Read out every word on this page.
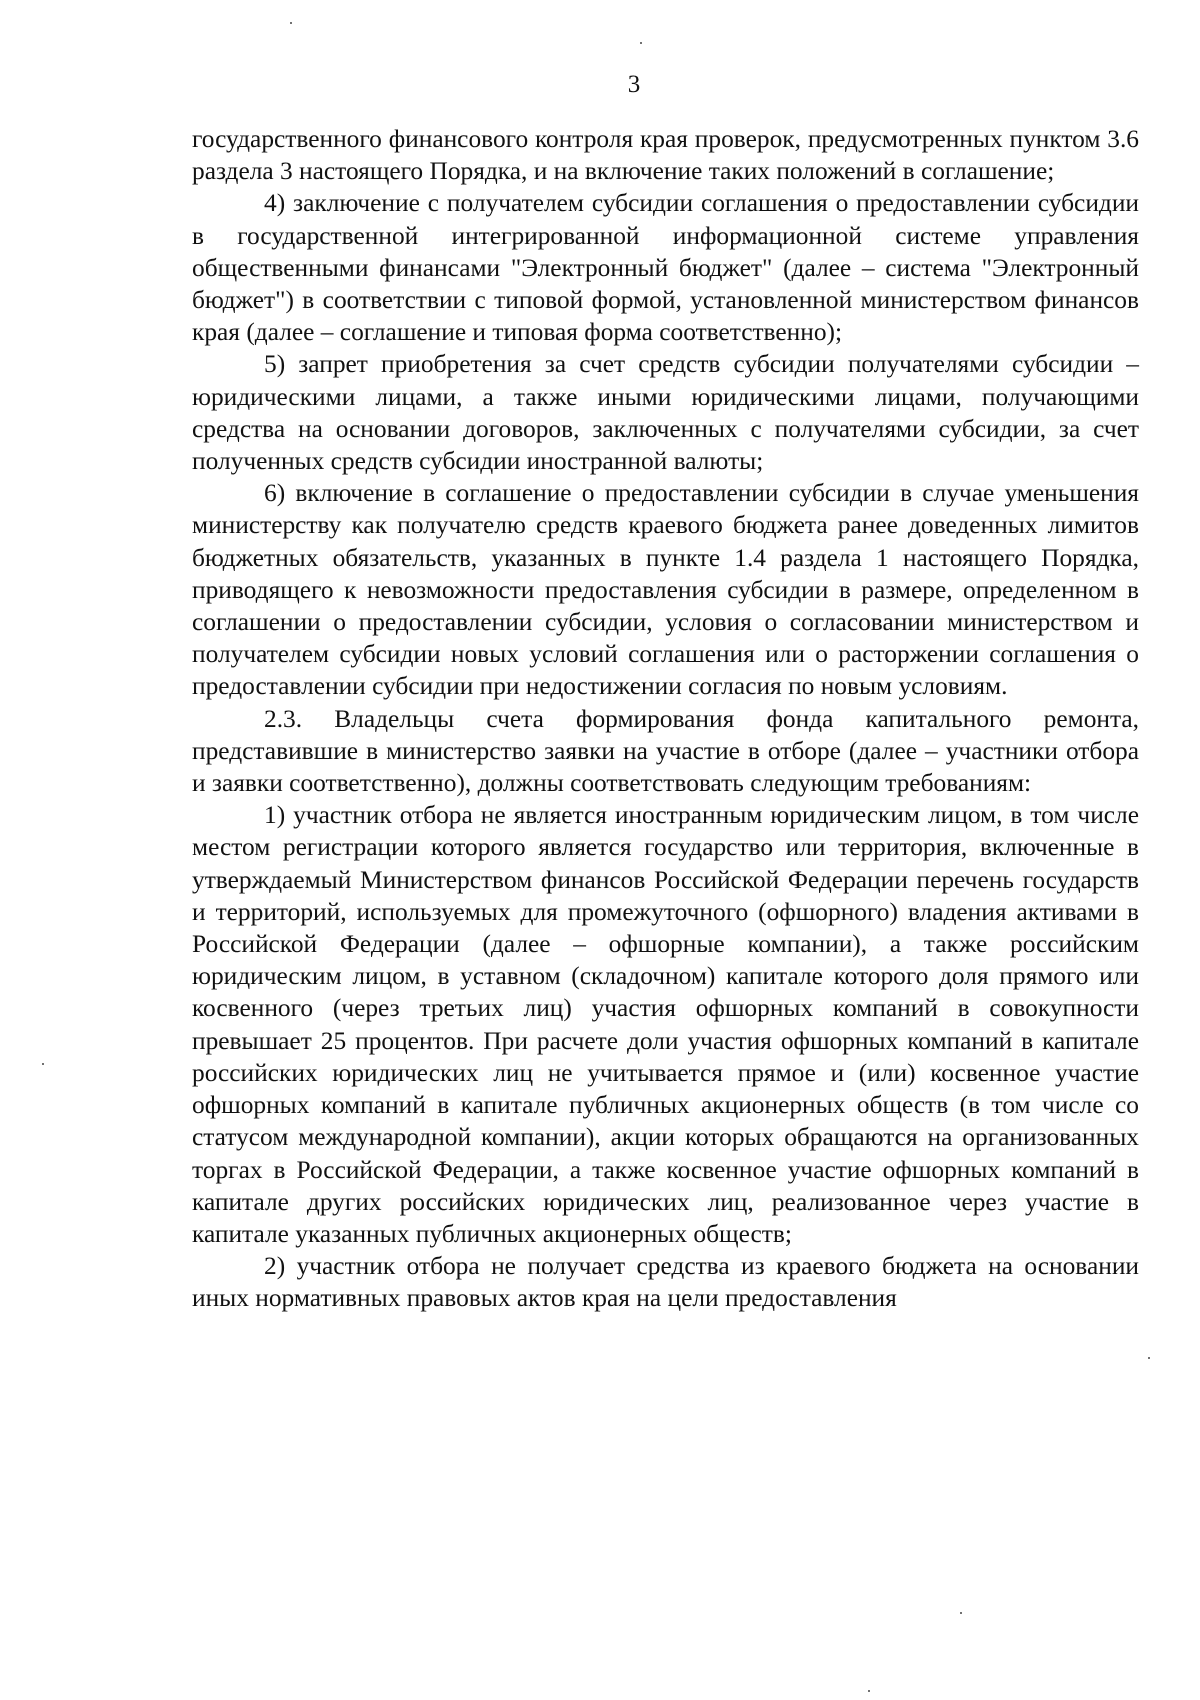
3

государственного финансового контроля края проверок, предусмотренных пунктом 3.6 раздела 3 настоящего Порядка, и на включение таких положений в соглашение;

4) заключение с получателем субсидии соглашения о предоставлении субсидии в государственной интегрированной информационной системе управления общественными финансами "Электронный бюджет" (далее – система "Электронный бюджет") в соответствии с типовой формой, установленной министерством финансов края (далее – соглашение и типовая форма соответственно);

5) запрет приобретения за счет средств субсидии получателями субсидии – юридическими лицами, а также иными юридическими лицами, получающими средства на основании договоров, заключенных с получателями субсидии, за счет полученных средств субсидии иностранной валюты;

6) включение в соглашение о предоставлении субсидии в случае уменьшения министерству как получателю средств краевого бюджета ранее доведенных лимитов бюджетных обязательств, указанных в пункте 1.4 раздела 1 настоящего Порядка, приводящего к невозможности предоставления субсидии в размере, определенном в соглашении о предоставлении субсидии, условия о согласовании министерством и получателем субсидии новых условий соглашения или о расторжении соглашения о предоставлении субсидии при недостижении согласия по новым условиям.

2.3. Владельцы счета формирования фонда капитального ремонта, представившие в министерство заявки на участие в отборе (далее – участники отбора и заявки соответственно), должны соответствовать следующим требованиям:

1) участник отбора не является иностранным юридическим лицом, в том числе местом регистрации которого является государство или территория, включенные в утверждаемый Министерством финансов Российской Федерации перечень государств и территорий, используемых для промежуточного (офшорного) владения активами в Российской Федерации (далее – офшорные компании), а также российским юридическим лицом, в уставном (складочном) капитале которого доля прямого или косвенного (через третьих лиц) участия офшорных компаний в совокупности превышает 25 процентов. При расчете доли участия офшорных компаний в капитале российских юридических лиц не учитывается прямое и (или) косвенное участие офшорных компаний в капитале публичных акционерных обществ (в том числе со статусом международной компании), акции которых обращаются на организованных торгах в Российской Федерации, а также косвенное участие офшорных компаний в капитале других российских юридических лиц, реализованное через участие в капитале указанных публичных акционерных обществ;

2) участник отбора не получает средства из краевого бюджета на основании иных нормативных правовых актов края на цели предоставления
